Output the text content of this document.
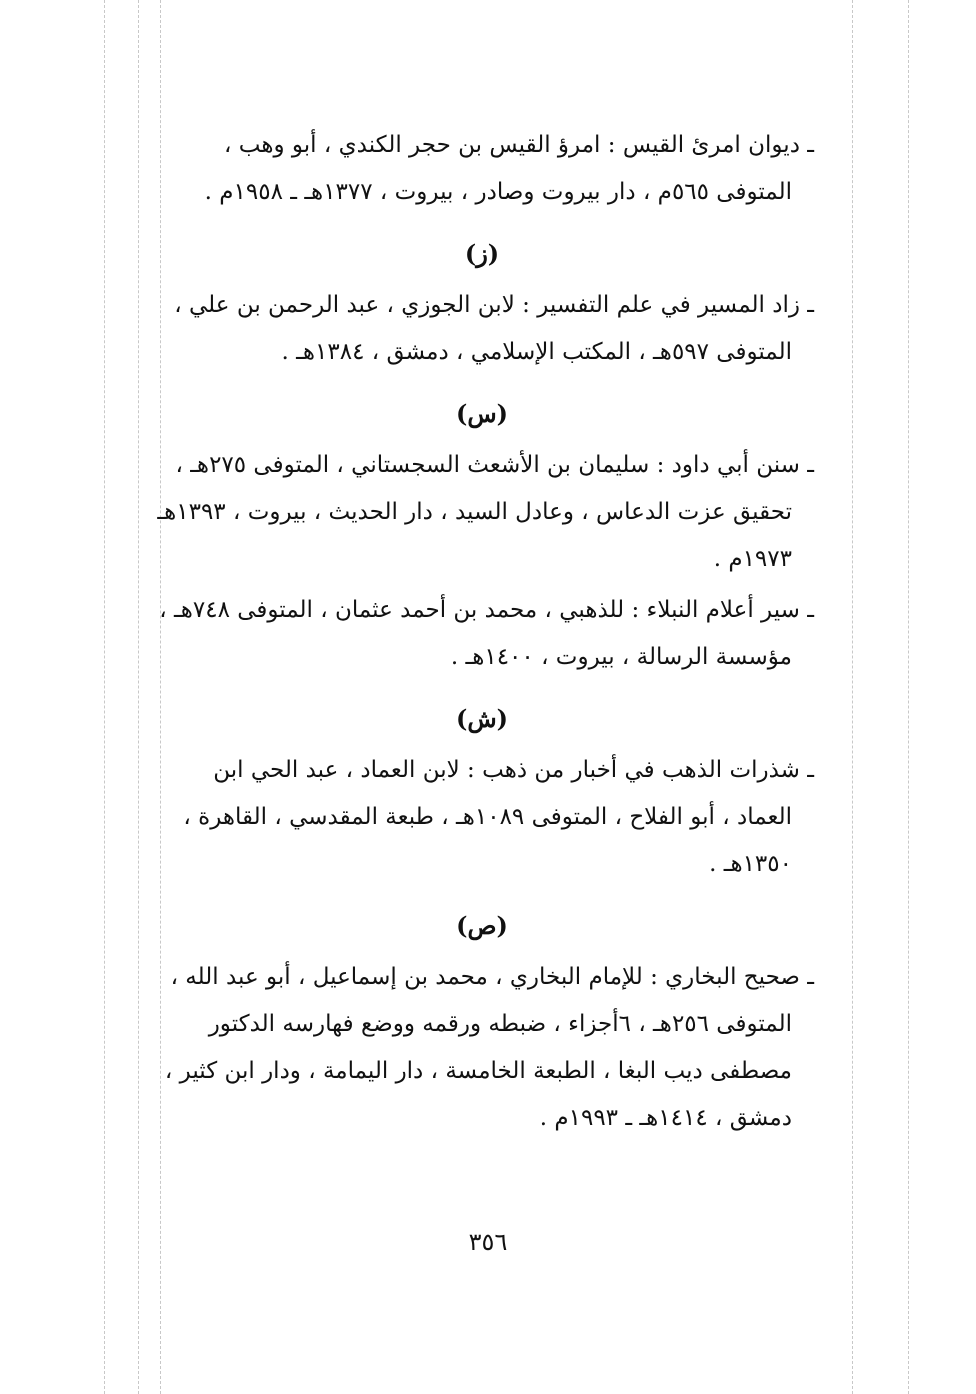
ـ ديوان امرئ القيس : امرؤ القيس بن حجر الكندي ، أبو وهب ،
المتوفى ٥٦٥م ، دار بيروت وصادر ، بيروت ، ١٣٧٧هـ ـ ١٩٥٨م .

(ز)

ـ زاد المسير في علم التفسير : لابن الجوزي ، عبد الرحمن بن علي ،
المتوفى ٥٩٧هـ ، المكتب الإسلامي ، دمشق ، ١٣٨٤هـ .

(س)

ـ سنن أبي داود : سليمان بن الأشعث السجستاني ، المتوفى ٢٧٥هـ ،
تحقيق عزت الدعاس ، وعادل السيد ، دار الحديث ، بيروت ، ١٣٩٣هـ
١٩٧٣م .

ـ سير أعلام النبلاء : للذهبي ، محمد بن أحمد عثمان ، المتوفى ٧٤٨هـ ،
مؤسسة الرسالة ، بيروت ، ١٤٠٠هـ .

(ش)

ـ شذرات الذهب في أخبار من ذهب : لابن العماد ، عبد الحي ابن
العماد ، أبو الفلاح ، المتوفى ١٠٨٩هـ ، طبعة المقدسي ، القاهرة ،
١٣٥٠هـ .

(ص)

ـ صحيح البخاري : للإمام البخاري ، محمد بن إسماعيل ، أبو عبد الله ،
المتوفى ٢٥٦هـ ، ٦أجزاء ، ضبطه ورقمه ووضع فهارسه الدكتور
مصطفى ديب البغا ، الطبعة الخامسة ، دار اليمامة ، ودار ابن كثير ،
دمشق ، ١٤١٤هـ ـ ١٩٩٣م .

٣٥٦
